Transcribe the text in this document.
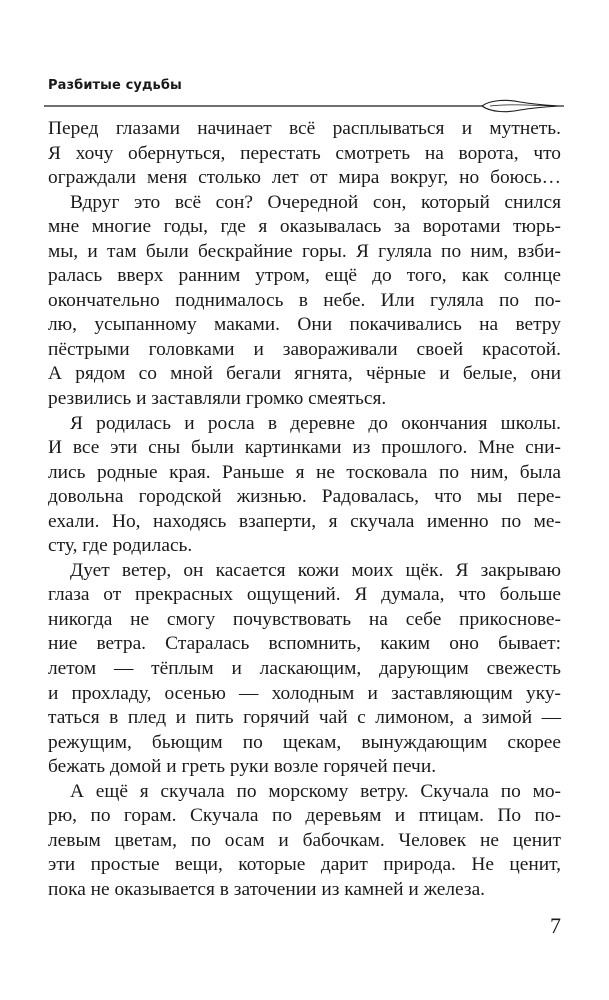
Разбитые судьбы
Перед глазами начинает всё расплываться и мутнеть.
Я хочу обернуться, перестать смотреть на ворота, что
ограждали меня столько лет от мира вокруг, но боюсь…
Вдруг это всё сон? Очередной сон, который снился
мне многие годы, где я оказывалась за воротами тюрь-
мы, и там были бескрайние горы. Я гуляла по ним, взби-
ралась вверх ранним утром, ещё до того, как солнце
окончательно поднималось в небе. Или гуляла по по-
лю, усыпанному маками. Они покачивались на ветру
пёстрыми головками и завораживали своей красотой.
А рядом со мной бегали ягнята, чёрные и белые, они
резвились и заставляли громко смеяться.
Я родилась и росла в деревне до окончания школы.
И все эти сны были картинками из прошлого. Мне сни-
лись родные края. Раньше я не тосковала по ним, была
довольна городской жизнью. Радовалась, что мы пере-
ехали. Но, находясь взаперти, я скучала именно по ме-
сту, где родилась.
Дует ветер, он касается кожи моих щёк. Я закрываю
глаза от прекрасных ощущений. Я думала, что больше
никогда не смогу почувствовать на себе прикоснове-
ние ветра. Старалась вспомнить, каким оно бывает:
летом — тёплым и ласкающим, дарующим свежесть
и прохладу, осенью — холодным и заставляющим уку-
таться в плед и пить горячий чай с лимоном, а зимой —
режущим, бьющим по щекам, вынуждающим скорее
бежать домой и греть руки возле горячей печи.
А ещё я скучала по морскому ветру. Скучала по мо-
рю, по горам. Скучала по деревьям и птицам. По по-
левым цветам, по осам и бабочкам. Человек не ценит
эти простые вещи, которые дарит природа. Не ценит,
пока не оказывается в заточении из камней и железа.
7
